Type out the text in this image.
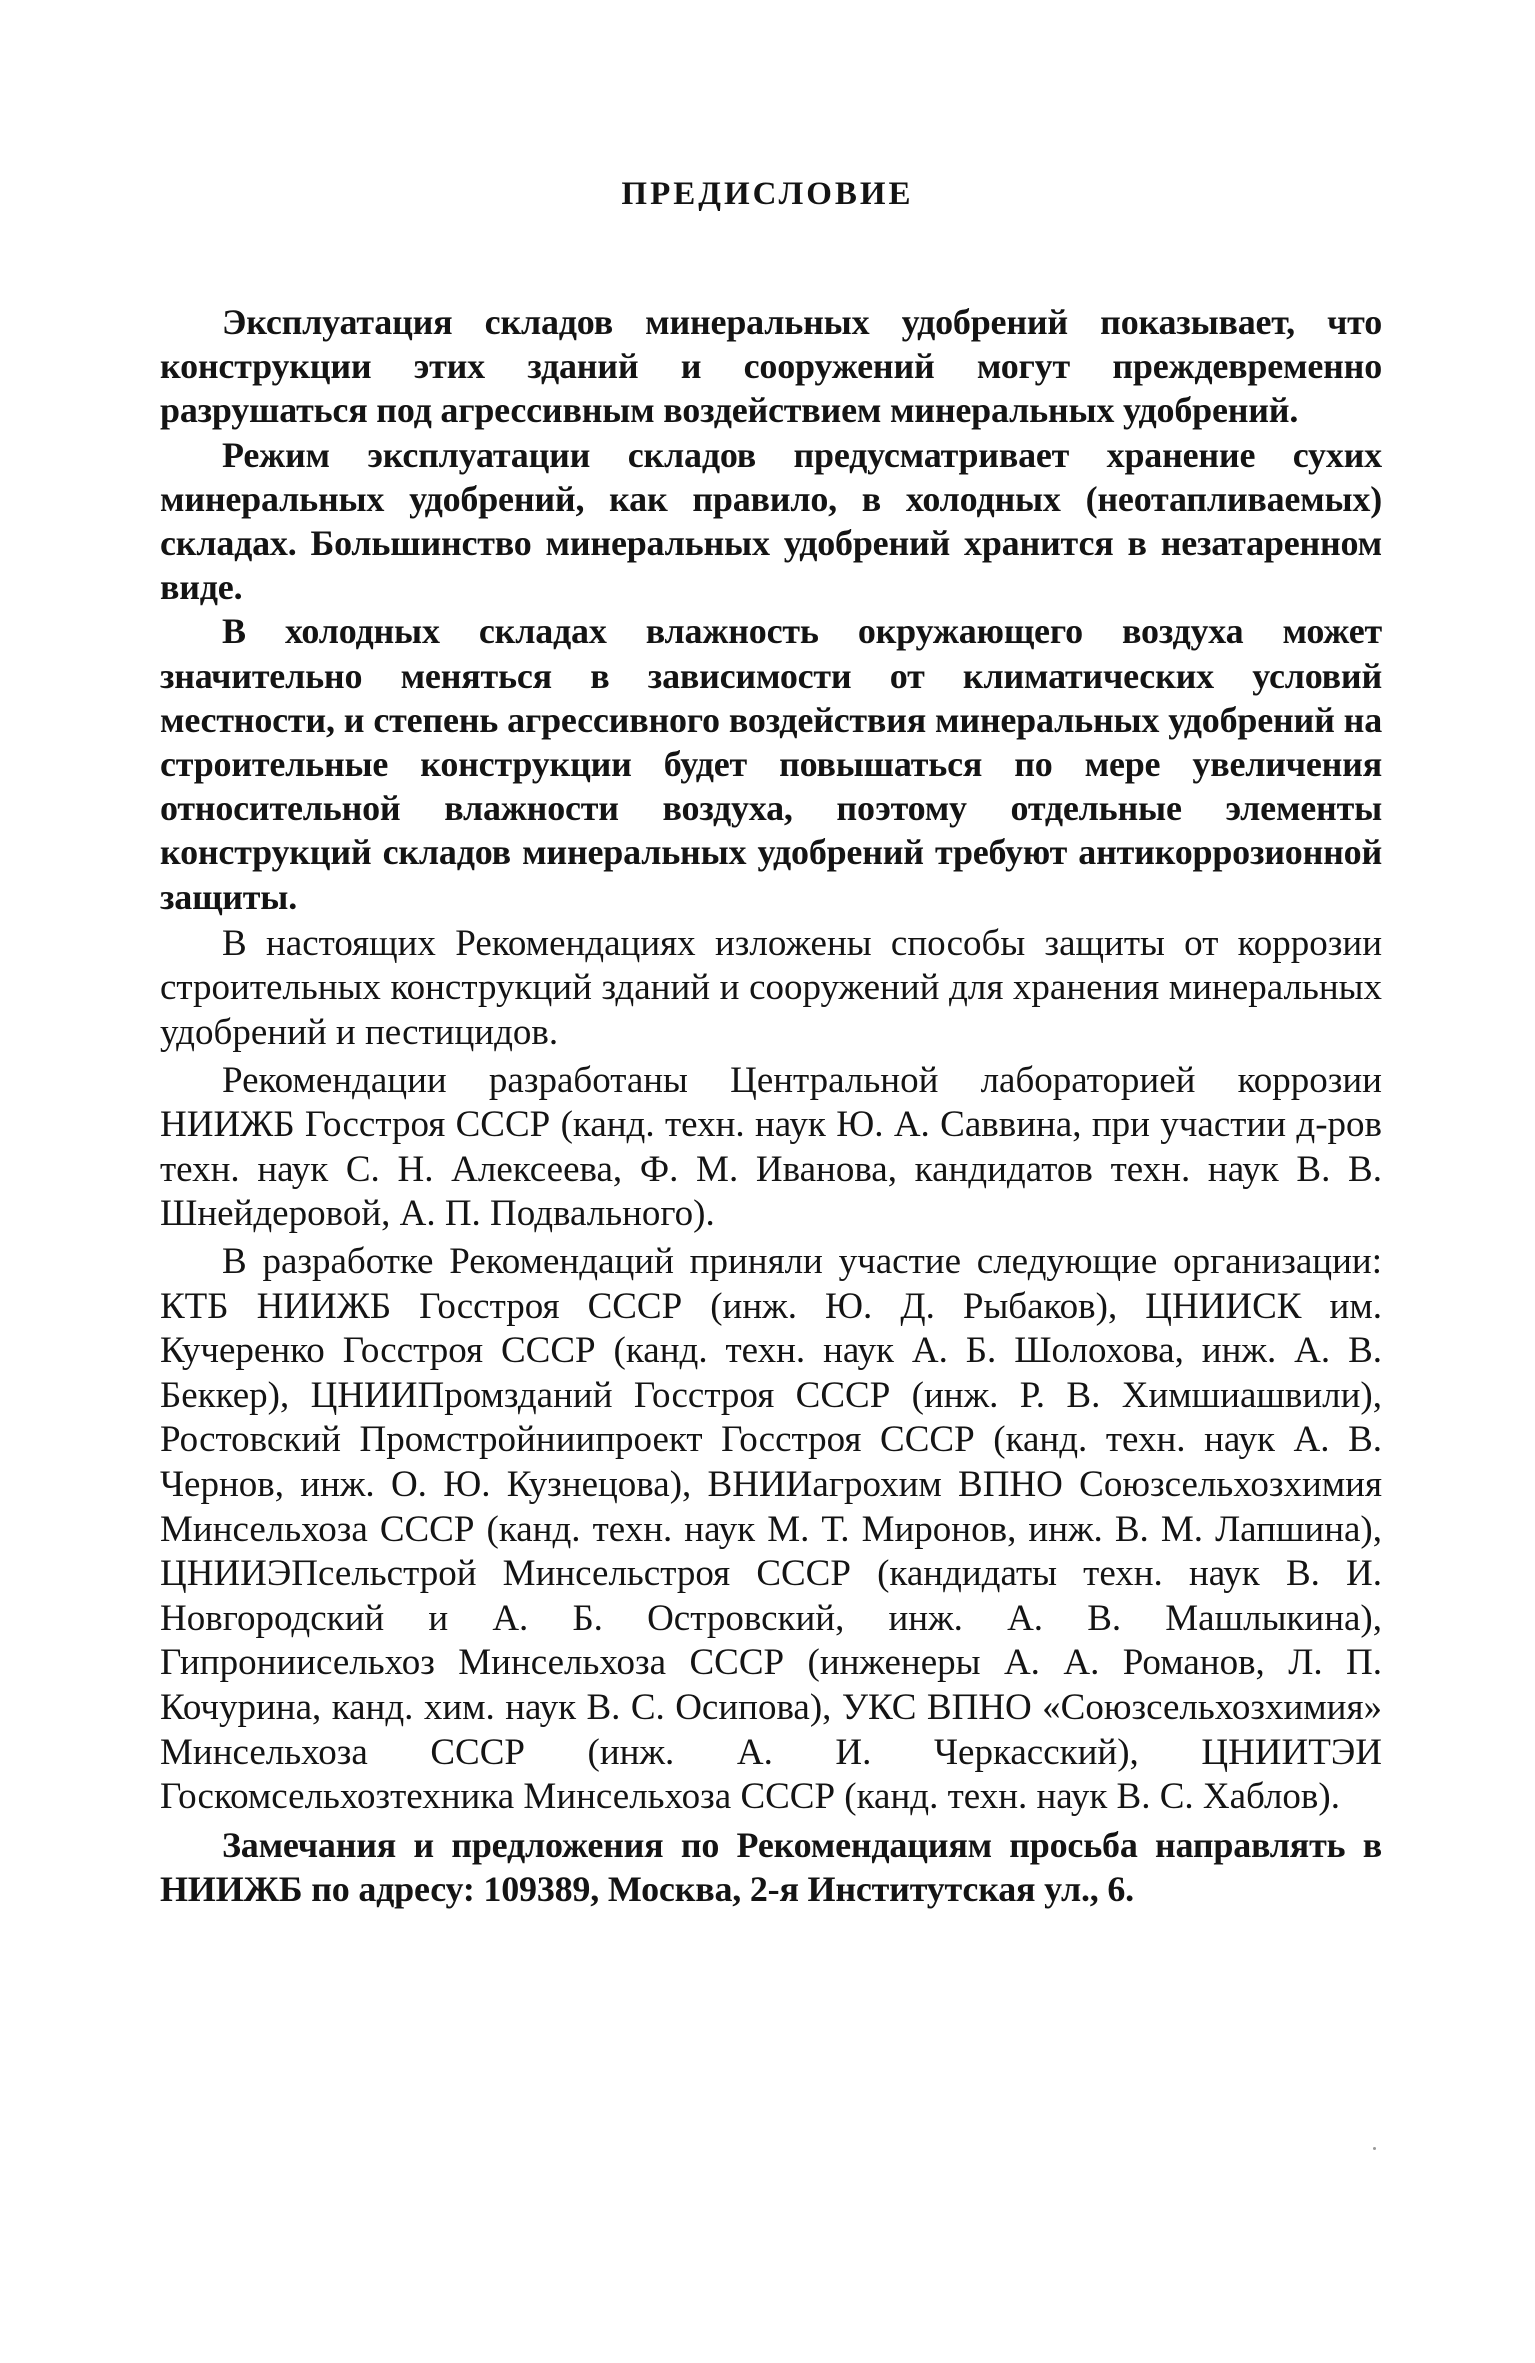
ПРЕДИСЛОВИЕ

Эксплуатация складов минеральных удобрений показывает, что конструкции этих зданий и сооружений могут преждевременно разрушаться под агрессивным воздействием минеральных удобрений.

Режим эксплуатации складов предусматривает хранение сухих минеральных удобрений, как правило, в холодных (неотапливаемых) складах. Большинство минеральных удобрений хранится в незатаренном виде.

В холодных складах влажность окружающего воздуха может значительно меняться в зависимости от климатических условий местности, и степень агрессивного воздействия минеральных удобрений на строительные конструкции будет повышаться по мере увеличения относительной влажности воздуха, поэтому отдельные элементы конструкций складов минеральных удобрений требуют антикоррозионной защиты.

В настоящих Рекомендациях изложены способы защиты от коррозии строительных конструкций зданий и сооружений для хранения минеральных удобрений и пестицидов.

Рекомендации разработаны Центральной лабораторией коррозии НИИЖБ Госстроя СССР (канд. техн. наук Ю. А. Саввина, при участии д-ров техн. наук С. Н. Алексеева, Ф. М. Иванова, кандидатов техн. наук В. В. Шнейдеровой, А. П. Подвального).

В разработке Рекомендаций приняли участие следующие организации: КТБ НИИЖБ Госстроя СССР (инж. Ю. Д. Рыбаков), ЦНИИСК им. Кучеренко Госстроя СССР (канд. техн. наук А. Б. Шолохова, инж. А. В. Беккер), ЦНИИПромзданий Госстроя СССР (инж. Р. В. Химшиашвили), Ростовский Промстройниипроект Госстроя СССР (канд. техн. наук А. В. Чернов, инж. О. Ю. Кузнецова), ВНИИагрохим ВПНО Союзсельхозхимия Минсельхоза СССР (канд. техн. наук М. Т. Миронов, инж. В. М. Лапшина), ЦНИИЭПсельстрой Минсельстроя СССР (кандидаты техн. наук В. И. Новгородский и А. Б. Островский, инж. А. В. Машлыкина), Гипрониисельхоз Минсельхоза СССР (инженеры А. А. Романов, Л. П. Кочурина, канд. хим. наук В. С. Осипова), УКС ВПНО «Союзсельхозхимия» Минсельхоза СССР (инж. А. И. Черкасский), ЦНИИТЭИ Госкомсельхозтехника Минсельхоза СССР (канд. техн. наук В. С. Хаблов).

Замечания и предложения по Рекомендациям просьба направлять в НИИЖБ по адресу: 109389, Москва, 2-я Институтская ул., 6.
